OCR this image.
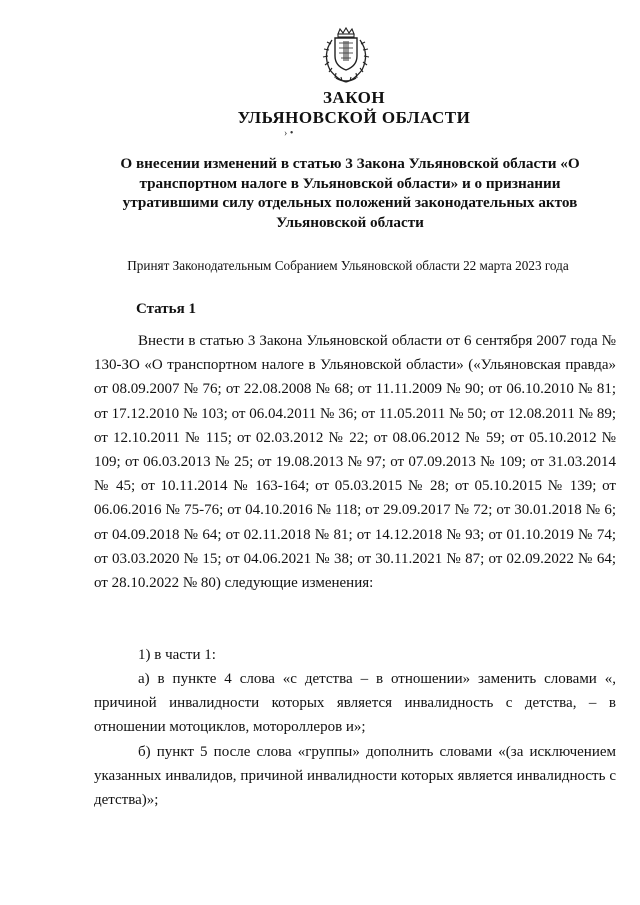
ЗАКОН
УЛЬЯНОВСКОЙ ОБЛАСТИ
› •
О внесении изменений в статью 3 Закона Ульяновской области «О транспортном налоге в Ульяновской области» и о признании утратившими силу отдельных положений законодательных актов Ульяновской области
Принят Законодательным Собранием Ульяновской области 22 марта 2023 года
Статья 1
Внести в статью 3 Закона Ульяновской области от 6 сентября 2007 года № 130-ЗО «О транспортном налоге в Ульяновской области» («Ульяновская правда» от 08.09.2007 № 76; от 22.08.2008 № 68; от 11.11.2009 № 90; от 06.10.2010 № 81; от 17.12.2010 № 103; от 06.04.2011 № 36; от 11.05.2011 № 50; от 12.08.2011 № 89; от 12.10.2011 № 115; от 02.03.2012 № 22; от 08.06.2012 № 59; от 05.10.2012 № 109; от 06.03.2013 № 25; от 19.08.2013 № 97; от 07.09.2013 № 109; от 31.03.2014 № 45; от 10.11.2014 № 163-164; от 05.03.2015 № 28; от 05.10.2015 № 139; от 06.06.2016 № 75-76; от 04.10.2016 № 118; от 29.09.2017 № 72; от 30.01.2018 № 6; от 04.09.2018 № 64; от 02.11.2018 № 81; от 14.12.2018 № 93; от 01.10.2019 № 74; от 03.03.2020 № 15; от 04.06.2021 № 38; от 30.11.2021 № 87; от 02.09.2022 № 64; от 28.10.2022 № 80) следующие изменения:
1) в части 1:
а) в пункте 4 слова «с детства – в отношении» заменить словами «, причиной инвалидности которых является инвалидность с детства, – в отношении мотоциклов, мотороллеров и»;
б) пункт 5 после слова «группы» дополнить словами «(за исключением указанных инвалидов, причиной инвалидности которых является инвалидность с детства)»;
